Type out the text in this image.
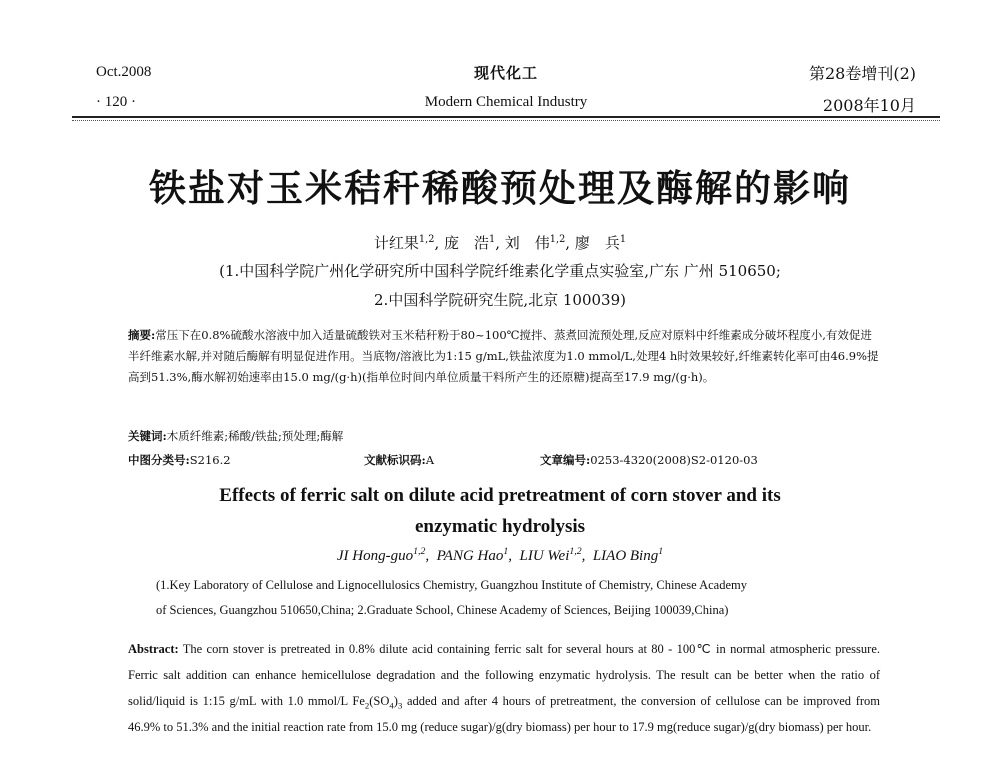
Oct.2008	现代化工	第28卷增刊(2)
· 120 ·	Modern Chemical Industry	2008年10月
铁盐对玉米秸秆稀酸预处理及酶解的影响
计红果$^{1,2}$, 庞　浩$^1$, 刘　伟$^{1,2}$, 廖　兵$^1$
(1.中国科学院广州化学研究所中国科学院纤维素化学重点实验室,广东 广州 510650;
2.中国科学院研究生院,北京 100039)
摘要:常压下在0.8%硫酸水溶液中加入适量硫酸铁对玉米秸秆粉于80~100℃搅拌、蒸煮回流预处理,反应对原料中纤维素成分破坏程度小,有效促进半纤维素水解,并对随后酶解有明显促进作用。当底物/溶液比为1:15 g/mL,铁盐浓度为1.0 mmol/L,处理4 h时效果较好,纤维素转化率可由46.9%提高到51.3%,酶水解初始速率由15.0 mg/(g·h)(指单位时间内单位质量干料所产生的还原糖)提高至17.9 mg/(g·h)。
关键词:木质纤维素;稀酸/铁盐;预处理;酶解
中图分类号:S216.2	文献标识码:A	文章编号:0253-4320(2008)S2-0120-03
Effects of ferric salt on dilute acid pretreatment of corn stover and its
enzymatic hydrolysis
JI Hong-guo$^{1,2}$,  PANG Hao$^1$,  LIU Wei$^{1,2}$,  LIAO Bing$^1$
(1.Key Laboratory of Cellulose and Lignocellulosics Chemistry, Guangzhou Institute of Chemistry, Chinese Academy
of Sciences, Guangzhou 510650,China; 2.Graduate School, Chinese Academy of Sciences, Beijing 100039,China)
Abstract: The corn stover is pretreated in 0.8% dilute acid containing ferric salt for several hours at 80 - 100℃ in normal atmospheric pressure. Ferric salt addition can enhance hemicellulose degradation and the following enzymatic hydrolysis. The result can be better when the ratio of solid/liquid is 1:15 g/mL with 1.0 mmol/L $Fe_2(SO_4)_3$ added and after 4 hours of pretreatment, the conversion of cellulose can be improved from 46.9% to 51.3% and the initial reaction rate from 15.0 mg (reduce sugar)/g(dry biomass) per hour to 17.9 mg(reduce sugar)/g(dry biomass) per hour.
